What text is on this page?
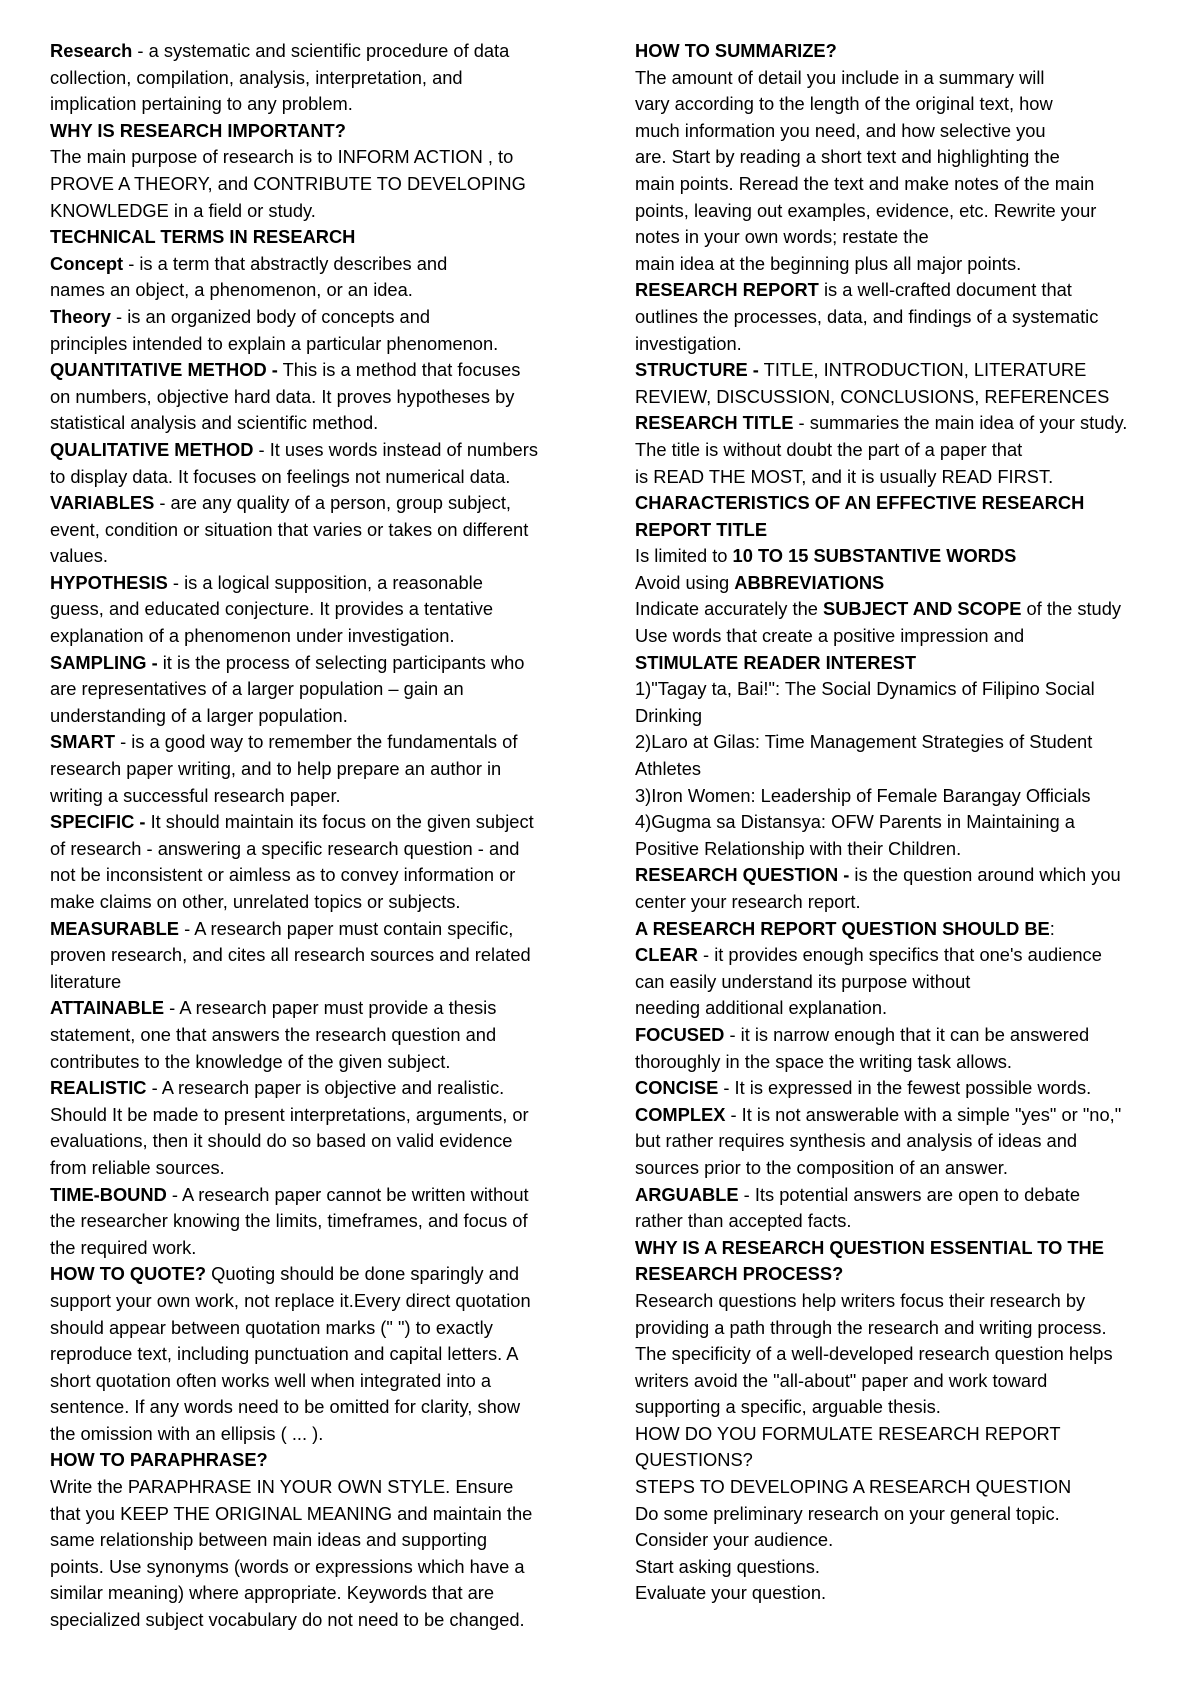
Research - a systematic and scientific procedure of data
collection, compilation, analysis, interpretation, and
implication pertaining to any problem.
WHY IS RESEARCH IMPORTANT?
The main purpose of research is to INFORM ACTION , to
PROVE A THEORY, and CONTRIBUTE TO DEVELOPING
KNOWLEDGE in a field or study.
TECHNICAL TERMS IN RESEARCH
Concept - is a term that abstractly describes and
names an object, a phenomenon, or an idea.
Theory - is an organized body of concepts and
principles intended to explain a particular phenomenon.
QUANTITATIVE METHOD - This is a method that focuses
on numbers, objective hard data. It proves hypotheses by
statistical analysis and scientific method.
QUALITATIVE METHOD - It uses words instead of numbers
to display data. It focuses on feelings not numerical data.
VARIABLES - are any quality of a person, group subject,
event, condition or situation that varies or takes on different
values.
HYPOTHESIS - is a logical supposition, a reasonable
guess, and educated conjecture. It provides a tentative
explanation of a phenomenon under investigation.
SAMPLING - it is the process of selecting participants who
are representatives of a larger population – gain an
understanding of a larger population.
SMART - is a good way to remember the fundamentals of
research paper writing, and to help prepare an author in
writing a successful research paper.
SPECIFIC - It should maintain its focus on the given subject
of research - answering a specific research question - and
not be inconsistent or aimless as to convey information or
make claims on other, unrelated topics or subjects.
MEASURABLE - A research paper must contain specific,
proven research, and cites all research sources and related
literature
ATTAINABLE - A research paper must provide a thesis
statement, one that answers the research question and
contributes to the knowledge of the given subject.
REALISTIC - A research paper is objective and realistic.
Should It be made to present interpretations, arguments, or
evaluations, then it should do so based on valid evidence
from reliable sources.
TIME-BOUND - A research paper cannot be written without
the researcher knowing the limits, timeframes, and focus of
the required work.
HOW TO QUOTE? Quoting should be done sparingly and
support your own work, not replace it.Every direct quotation
should appear between quotation marks (" ") to exactly
reproduce text, including punctuation and capital letters. A
short quotation often works well when integrated into a
sentence. If any words need to be omitted for clarity, show
the omission with an ellipsis ( ... ).
HOW TO PARAPHRASE?
Write the PARAPHRASE IN YOUR OWN STYLE. Ensure
that you KEEP THE ORIGINAL MEANING and maintain the
same relationship between main ideas and supporting
points. Use synonyms (words or expressions which have a
similar meaning) where appropriate. Keywords that are
specialized subject vocabulary do not need to be changed.
HOW TO SUMMARIZE?
The amount of detail you include in a summary will
vary according to the length of the original text, how
much information you need, and how selective you
are. Start by reading a short text and highlighting the
main points. Reread the text and make notes of the main
points, leaving out examples, evidence, etc. Rewrite your
notes in your own words; restate the
main idea at the beginning plus all major points.
RESEARCH REPORT is a well-crafted document that
outlines the processes, data, and findings of a systematic
investigation.
STRUCTURE - TITLE, INTRODUCTION, LITERATURE
REVIEW, DISCUSSION, CONCLUSIONS, REFERENCES
RESEARCH TITLE - summaries the main idea of your study.
The title is without doubt the part of a paper that
is READ THE MOST, and it is usually READ FIRST.
CHARACTERISTICS OF AN EFFECTIVE RESEARCH
REPORT TITLE
Is limited to 10 TO 15 SUBSTANTIVE WORDS
Avoid using ABBREVIATIONS
Indicate accurately the SUBJECT AND SCOPE of the study
Use words that create a positive impression and
STIMULATE READER INTEREST
1)"Tagay ta, Bai!": The Social Dynamics of Filipino Social
Drinking
2)Laro at Gilas: Time Management Strategies of Student
Athletes
3)Iron Women: Leadership of Female Barangay Officials
4)Gugma sa Distansya: OFW Parents in Maintaining a
Positive Relationship with their Children.
RESEARCH QUESTION - is the question around which you
center your research report.
A RESEARCH REPORT QUESTION SHOULD BE:
CLEAR - it provides enough specifics that one's audience
can easily understand its purpose without
needing additional explanation.
FOCUSED - it is narrow enough that it can be answered
thoroughly in the space the writing task allows.
CONCISE - It is expressed in the fewest possible words.
COMPLEX - It is not answerable with a simple "yes" or "no,"
but rather requires synthesis and analysis of ideas and
sources prior to the composition of an answer.
ARGUABLE - Its potential answers are open to debate
rather than accepted facts.
WHY IS A RESEARCH QUESTION ESSENTIAL TO THE
RESEARCH PROCESS?
Research questions help writers focus their research by
providing a path through the research and writing process.
The specificity of a well-developed research question helps
writers avoid the "all-about" paper and work toward
supporting a specific, arguable thesis.
HOW DO YOU FORMULATE RESEARCH REPORT
QUESTIONS?
STEPS TO DEVELOPING A RESEARCH QUESTION
Do some preliminary research on your general topic.
Consider your audience.
Start asking questions.
Evaluate your question.
